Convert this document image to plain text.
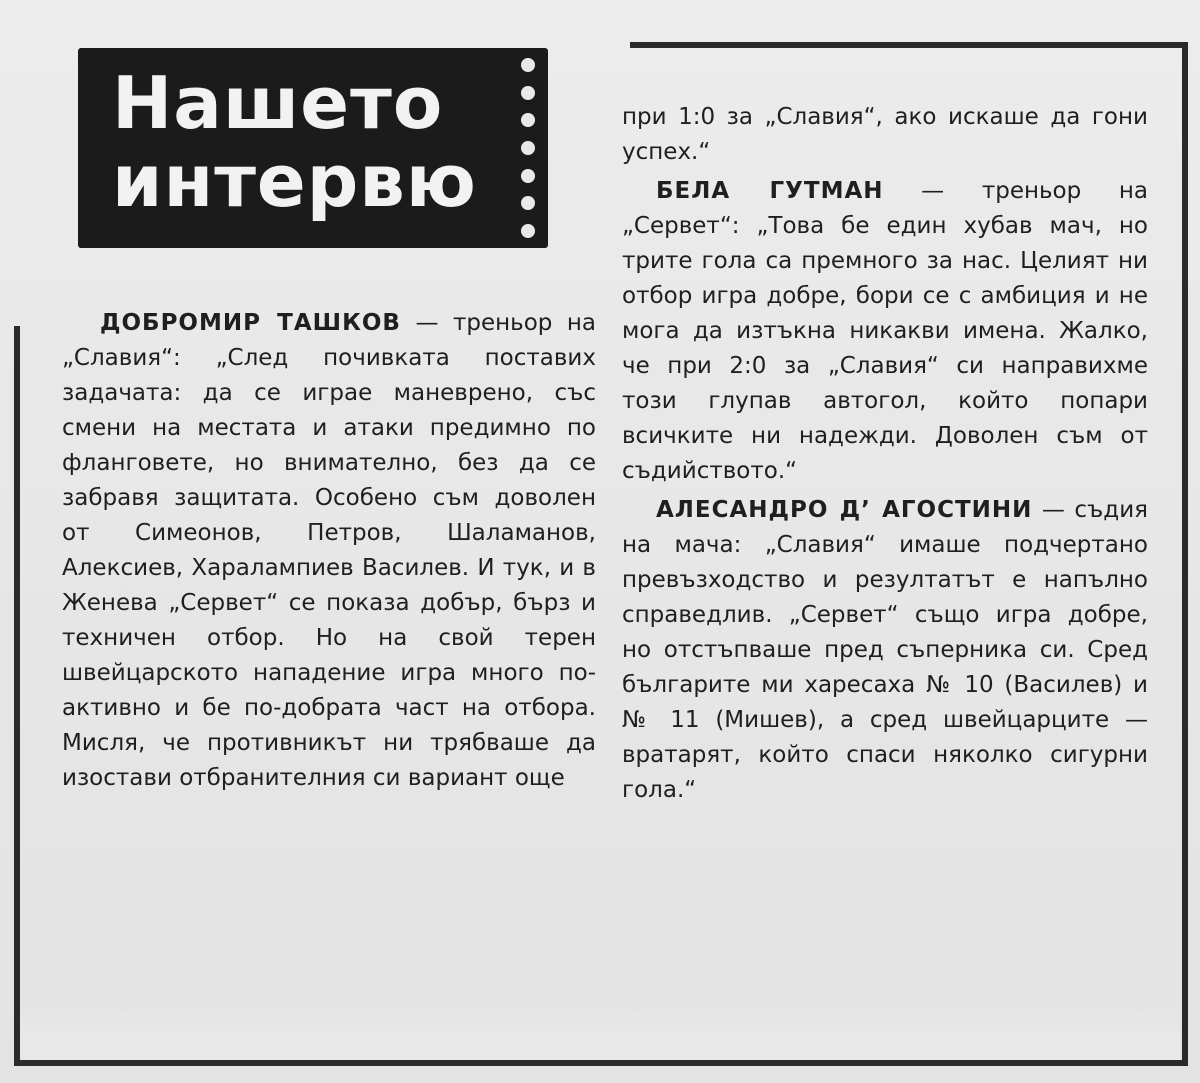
Нашето
интервю

ДОБРОМИР ТАШКОВ — треньор на „Славия“: „След почивката поставих задачата: да се играе маневрено, със смени на местата и атаки предимно по фланговете, но внимателно, без да се забравя защитата. Особено съм доволен от Симеонов, Петров, Шаламанов, Алексиев, Харалампиев Василев. И тук, и в Женева „Сервет“ се показа добър, бърз и техничен отбор. Но на свой терен швейцарското нападение игра много по-активно и бе по-добрата част на отбора. Мисля, че противникът ни трябваше да изостави отбранителния си вариант още

при 1:0 за „Славия“, ако искаше да гони успех.“

БЕЛА ГУТМАН — треньор на „Сервет“: „Това бе един хубав мач, но трите гола са премного за нас. Целият ни отбор игра добре, бори се с амбиция и не мога да изтъкна никакви имена. Жалко, че при 2:0 за „Славия“ си направихме този глупав автогол, който попари всичките ни надежди. Доволен съм от съдийството.“

АЛЕСАНДРО Д’ АГОСТИНИ — съдия на мача: „Славия“ имаше подчертано превъзходство и резултатът е напълно справедлив. „Сервет“ също игра добре, но отстъпваше пред съперника си. Сред българите ми харесаха № 10 (Василев) и № 11 (Мишев), а сред швейцарците — вратарят, който спаси няколко сигурни гола.“
